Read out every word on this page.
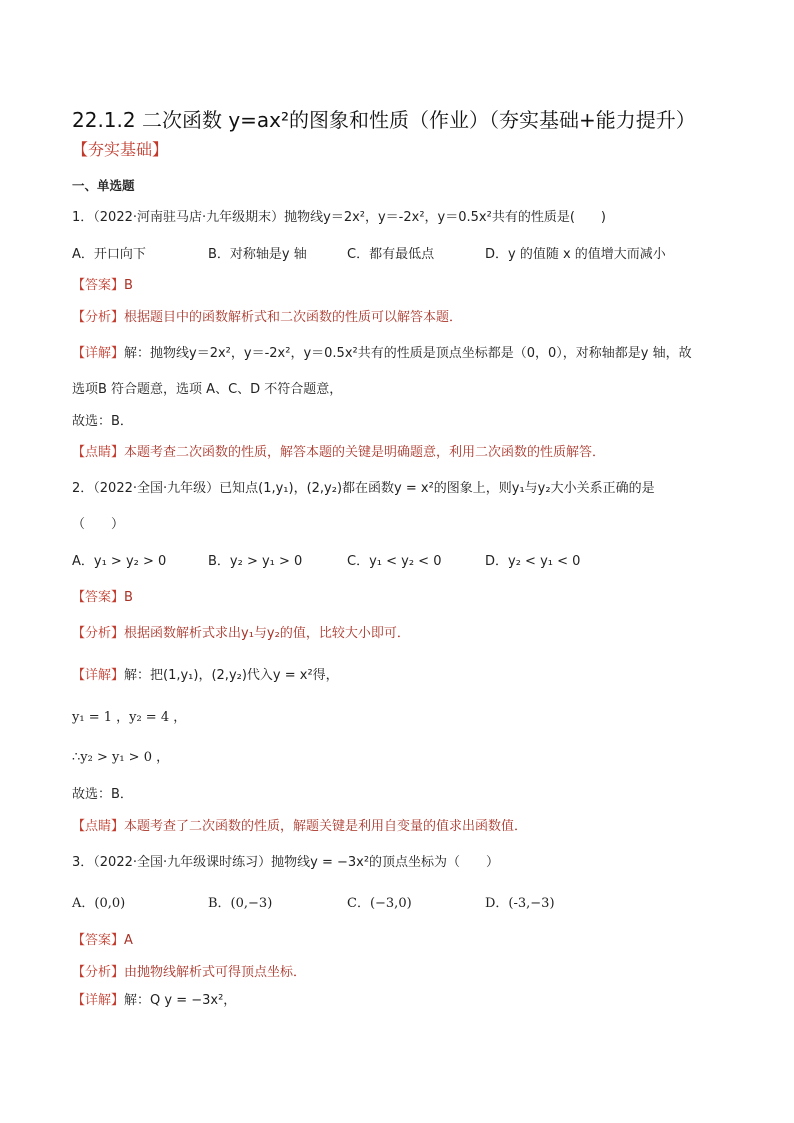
22.1.2 二次函数 y=ax²的图象和性质（作业）（夯实基础+能力提升）
【夯实基础】
一、单选题
1．（2022·河南驻马店·九年级期末）抛物线y＝2x²，y＝-2x²，y＝0.5x²共有的性质是(　　)
A．开口向下	B．对称轴是y 轴	C．都有最低点	D．y 的值随 x 的值增大而减小
【答案】B
【分析】根据题目中的函数解析式和二次函数的性质可以解答本题．
【详解】解：抛物线y＝2x²，y＝-2x²，y＝0.5x²共有的性质是顶点坐标都是（0，0），对称轴都是y 轴，故
选项B 符合题意，选项 A、C、D 不符合题意，
故选：B．
【点睛】本题考查二次函数的性质，解答本题的关键是明确题意，利用二次函数的性质解答．
2．（2022·全国·九年级）已知点(1,y₁)，(2,y₂)都在函数y = x²的图象上，则y₁与y₂大小关系正确的是
（　　）
A．y₁ > y₂ > 0	B．y₂ > y₁ > 0	C．y₁ < y₂ < 0	D．y₂ < y₁ < 0
【答案】B
【分析】根据函数解析式求出y₁与y₂的值，比较大小即可．
【详解】解：把(1,y₁)，(2,y₂)代入y = x²得，
y₁ = 1 ，y₂ = 4 ，
∴y₂ > y₁ > 0 ，
故选：B．
【点睛】本题考查了二次函数的性质，解题关键是利用自变量的值求出函数值．
3．（2022·全国·九年级课时练习）抛物线y = −3x²的顶点坐标为（　　）
A．(0,0)	B．(0,−3)	C．(−3,0)	D．(-3,−3)
【答案】A
【分析】由抛物线解析式可得顶点坐标．
【详解】解：Q y = −3x²，
